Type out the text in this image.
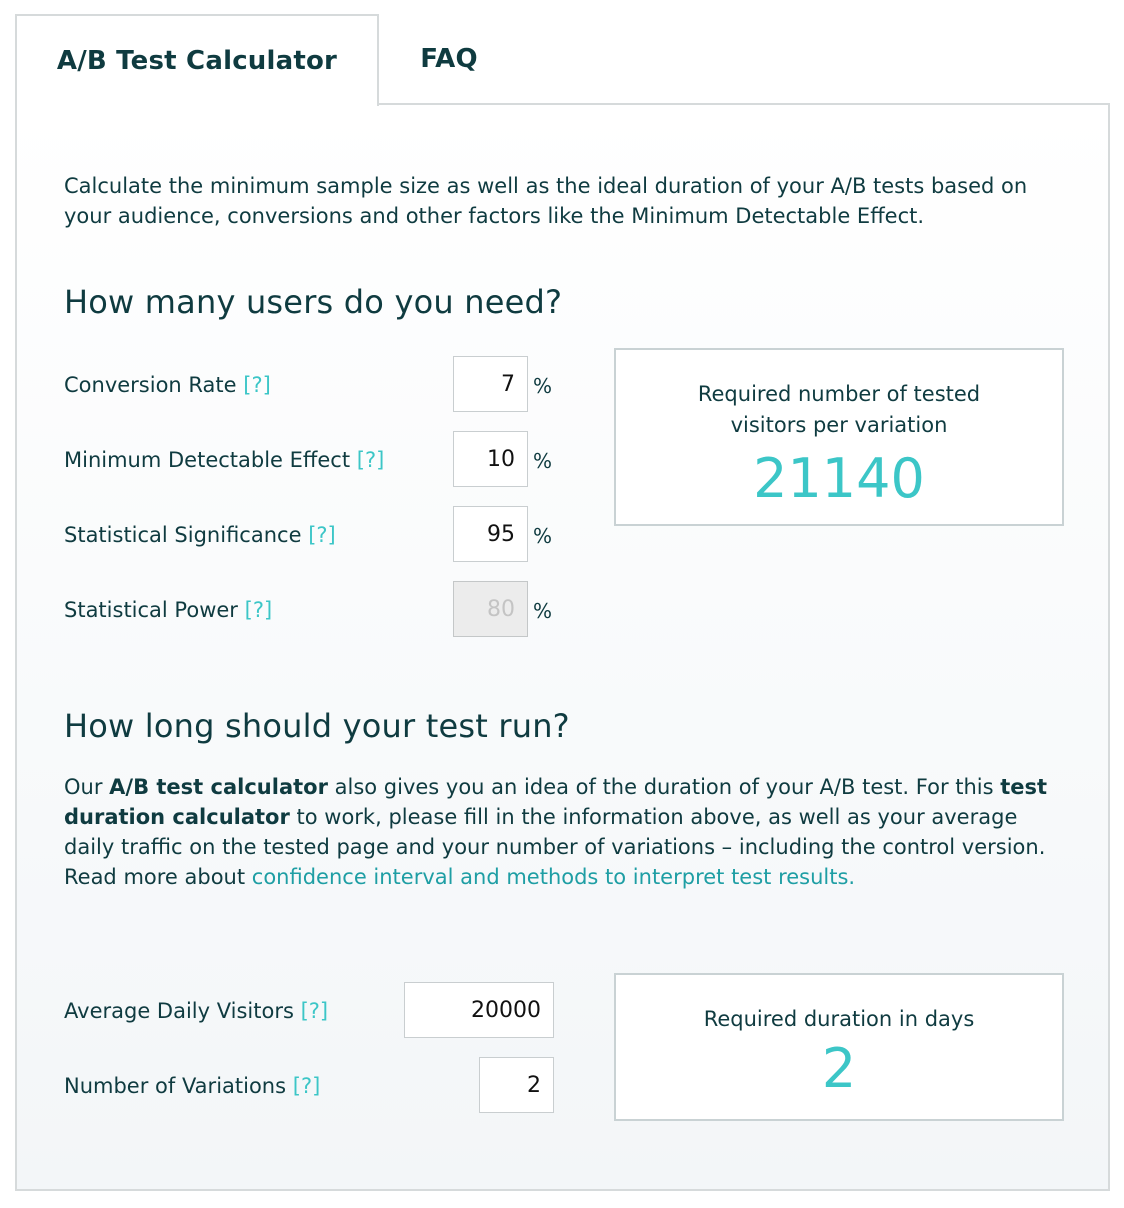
A/B Test Calculator	FAQ

Calculate the minimum sample size as well as the ideal duration of your A/B tests based on your audience, conversions and other factors like the Minimum Detectable Effect.

How many users do you need?
Conversion Rate [?]
7	%
Minimum Detectable Effect [?]
10	%
Statistical Significance [?]
95	%
Statistical Power [?]
80	%
Required number of tested
visitors per variation
21140
How long should your test run?

Our A/B test calculator also gives you an idea of the duration of your A/B test. For this test duration calculator to work, please fill in the information above, as well as your average daily traffic on the tested page and your number of variations – including the control version. Read more about confidence interval and methods to interpret test results.

Average Daily Visitors [?]
20000
Number of Variations [?]
2
Required duration in days
2
